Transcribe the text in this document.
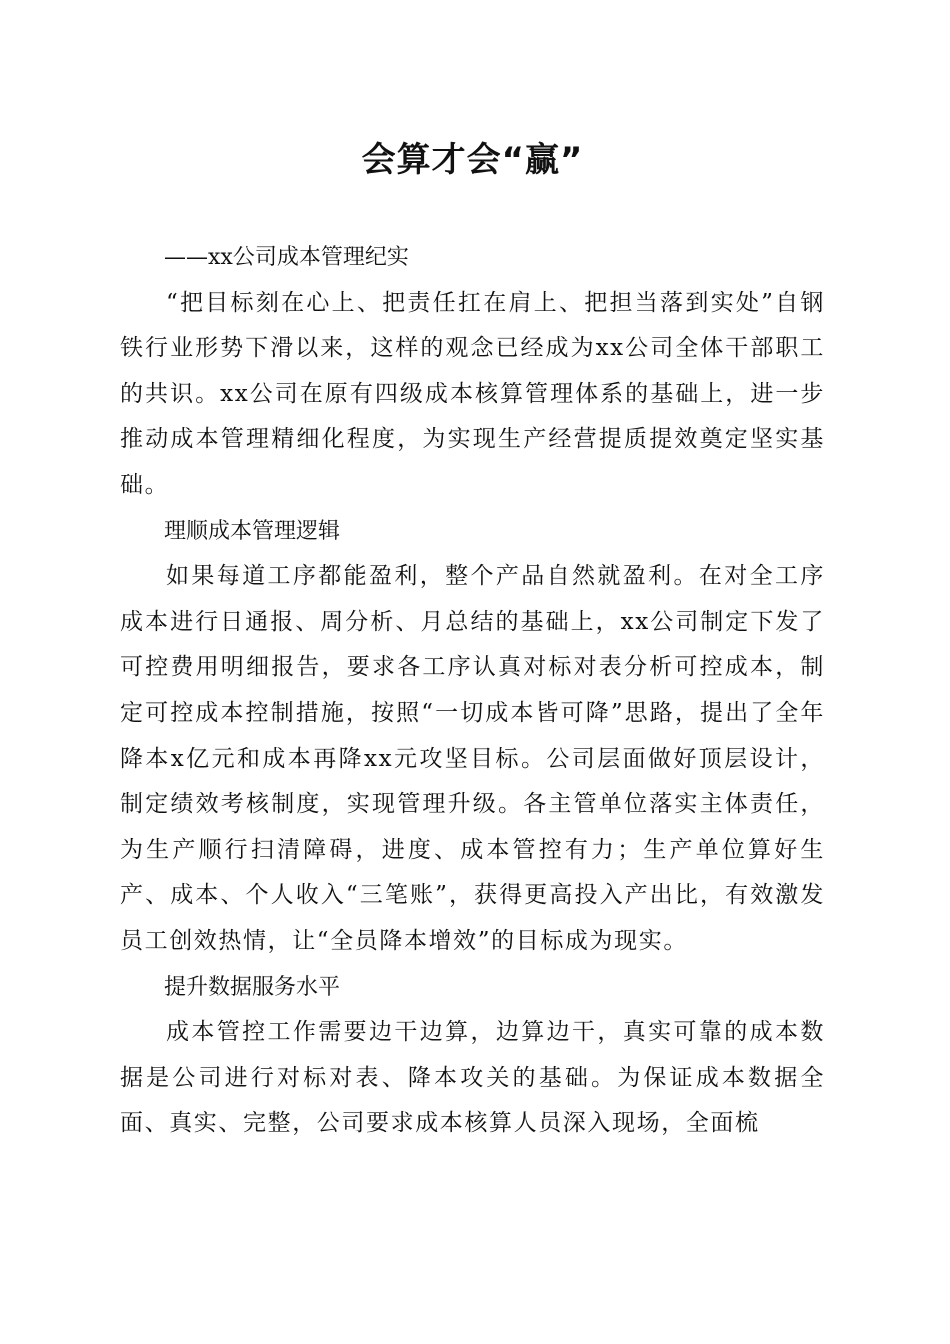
会算才会“赢”

——xx公司成本管理纪实

“把目标刻在心上、把责任扛在肩上、把担当落到实处”自钢铁行业形势下滑以来，这样的观念已经成为xx公司全体干部职工的共识。xx公司在原有四级成本核算管理体系的基础上，进一步推动成本管理精细化程度，为实现生产经营提质提效奠定坚实基础。

理顺成本管理逻辑

如果每道工序都能盈利，整个产品自然就盈利。在对全工序成本进行日通报、周分析、月总结的基础上，xx公司制定下发了可控费用明细报告，要求各工序认真对标对表分析可控成本，制定可控成本控制措施，按照“一切成本皆可降”思路，提出了全年降本x亿元和成本再降xx元攻坚目标。公司层面做好顶层设计，制定绩效考核制度，实现管理升级。各主管单位落实主体责任，为生产顺行扫清障碍，进度、成本管控有力；生产单位算好生产、成本、个人收入“三笔账”，获得更高投入产出比，有效激发员工创效热情，让“全员降本增效”的目标成为现实。

提升数据服务水平

成本管控工作需要边干边算，边算边干，真实可靠的成本数据是公司进行对标对表、降本攻关的基础。为保证成本数据全面、真实、完整，公司要求成本核算人员深入现场，全面梳
